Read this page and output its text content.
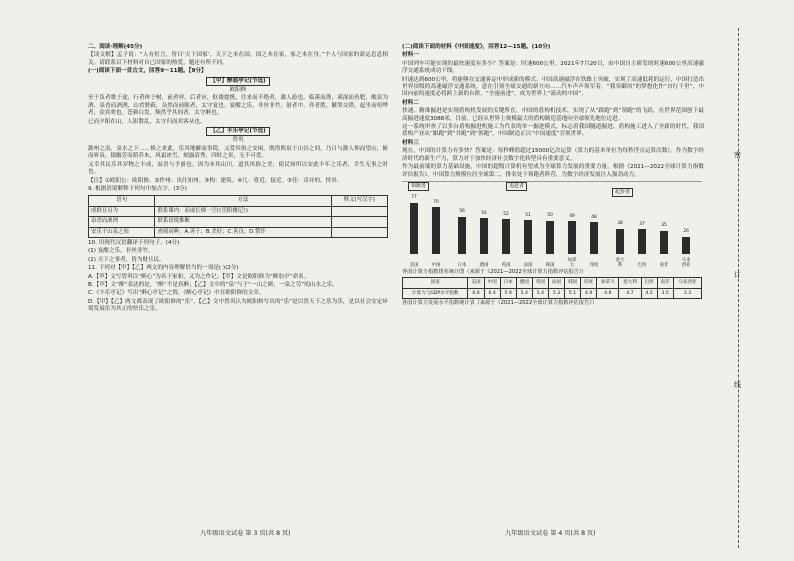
二、阅读·理解(45分)
【读文解】孟子说：“人有恒言，皆曰‘天下国家’。天下之本在国，国之本在家，家之本在身。”个人与国家的命运息息相关。请联系以下材料对自己国家的热爱，题还有所不同。
(一)阅读下面一首古文，回答9～11题。【9分】
【甲】醉翁亭记(节选)
欧阳修
至于负者歌于途，行者休于树，前者呼，后者应，伛偻提携，往来而不绝者，滁人游也。临溪而渔，溪深而鱼肥，酿泉为酒，泉香而酒洌，山肴野蔌，杂然而前陈者，太守宴也。宴酣之乐，非丝非竹，射者中，弈者胜，觥筹交错，起坐而喧哗者，众宾欢也。苍颜白发，颓然乎其间者，太守醉也。
已而夕阳在山，人影散乱，太守归而宾客从也。
【乙】丰乐亭记(节选)
曾巩
滁州之南，泉水之下……修之来此，乐其地僻而事简，又爱其俗之安闲。既得斯泉于山谷之间，乃日与滁人仰而望山，俯而听泉。掇幽芳而荫乔木，风霜冰雪，刻露清秀，四时之景，无不可爱。
又幸其民乐其岁物之丰成，而喜与予游也。因为本其山川，道其风俗之美，使民知所以安此丰年之乐者，幸生无事之时也。
【注】①欧阳公：欧阳修。②作州：出任知州。③构：建筑。④几：将近，接近。⑤佳：奇异的，怪异。
9. 根据语境解释下列句中加点字。(3分)
语句	方法	释义(写汉字)
成群且另为	联系课内：而或长烟一空(《岳阳楼记》)	
泉香而酒洌	联系语境推断	
安乐于山泉之间	查阅词典：A.善于；B.美好；C.善良；D.赞许	
10. 用现代汉语翻译下列句子。(4分)
(1) 宴酣之乐，非丝非竹。
(2) 天下之事者，皆为财且民。
11. 下列对【甲】【乙】两文的内容理解恰当的一项是( )(2分)
A.【甲】文写曾巩以“醉心”为名于家和，又为之作记；【甲】文是欧阳修为“醉翁亭”命名。
B.【甲】文“醉”表达的是，“醉”不是真醉；【乙】文中的“泉”与于“一山之顾，一泉之劳”的山水之乐。
C.《丰乐亭记》写出“醉心亭记”之情，《醉心亭记》中在欧阳修的文章。
D.【甲】【乙】两文都表现了欧阳修的“乐”，【乙】文中曾巩认为欧阳修写出的“乐”是以普天下之乐为乐，是以社会安定环境发展乐为其正的快乐之乐。
(二)阅读下面的材料《中国速度》，回答12—15题。(10分)
材料一
中国列车可能实现的最快速度有多少？答案是：时速600公里。2021年7月20日，由中国自主研发的时速600公里高速磁浮交通系统成功下线。
时速达到600公里，将能够在交通客运中形成新的模式。中国高速磁浮在铁路上突破，实现了高速低耗的运行，中国打造出世界顶级的高速磁浮交通系统，意在引领全球交通的新方向……汽车声声领军着，“我奉御风”的梦想化作“自行千里”，中国向前的速度必将跨上新的台阶，“全速前进”，成为世界上“流动的中国”。
材料二
快速、精准掘进是实现盾构机发展的关键所在，中国的盾构机技术，实现了从“跟跑”到“领跑”的飞跃，在世界范围创下最高掘进速度3088米，目前，已经从世界上规模最大的盾构制造基地向全球领先地位迈进。
这一系统审查了以多台盾构掘进机施工为代表的单一掘进模式，标志着我国隧道掘进、盾构施工进入了全新的时代，我国盾构产业从“跟跑”到“并跑”到“领跑”，中国制造正以“中国速度”引领世界。
材料三
现在，中国的计算力有多快？答案是：每秒峰值超过15000亿次运算（算力的基本单位为每秒浮点运算次数）。作为数字经济时代的新生产力，算力对于加快经济社会数字化转型具有重要意义。
作为最前端的算力基础设施，中国的超级计算机有望成为全球算力发展的重要力量。根据《2021—2022全球计算力指数评估报告》，中国算力规模位居全球第二，排名处于领跑者阵营，为数字经济发展注入强劲动力。
领跑者	追赶者
起步者
77
美国
70
中国
56
日本
54
德国
52
英国
51
法国
50
韩国
49
加拿大
48
印度
38
意大利
37
巴西
35
南非
26
马来西亚
各国计算力指数排名统计图（来源于《2021—2022全球计算力指数评估报告》）
国家	美国	中国	日本	德国	英国	法国	韩国	印度	加拿大	意大利	巴西	南非	马来西亚
计算力与GDP水平指数	6.6	6.4	5.9	5.4	5.4	5.3	5.1	4.9	4.8	4.7	4.2	3.5	3.3
各国计算力发展水平指数统计表（来源于《2021—2022全球计算力指数评估报告》）
密
订
线
九年级语文试卷 第 3 页(共 8 页)	九年级语文试卷 第 4 页(共 8 页)
